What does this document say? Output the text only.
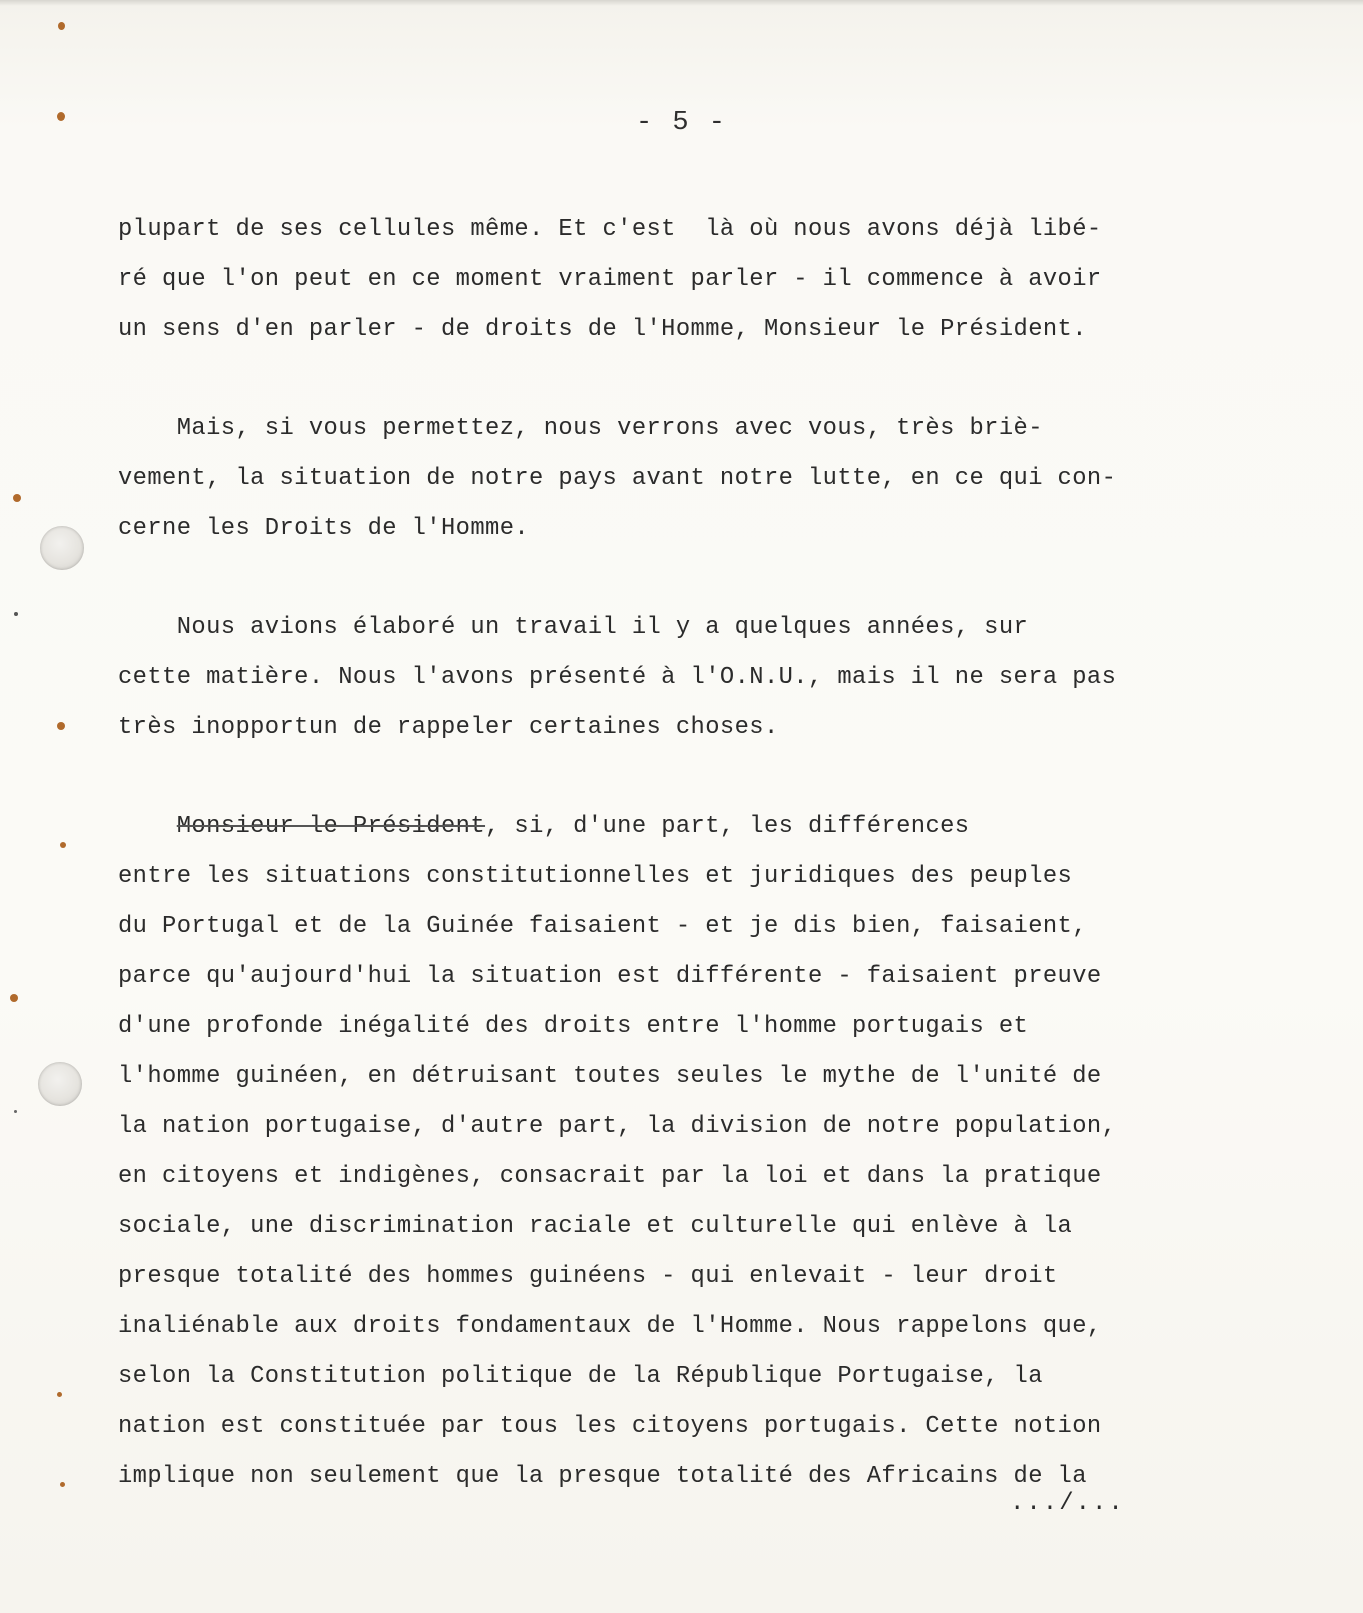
- 5 -
plupart de ses cellules même. Et c'est  là où nous avons déjà libé-
ré que l'on peut en ce moment vraiment parler - il commence à avoir
un sens d'en parler - de droits de l'Homme, Monsieur le Président.
Mais, si vous permettez, nous verrons avec vous, très briè-
vement, la situation de notre pays avant notre lutte, en ce qui con-
cerne les Droits de l'Homme.
Nous avions élaboré un travail il y a quelques années, sur
cette matière. Nous l'avons présenté à l'O.N.U., mais il ne sera pas
très inopportun de rappeler certaines choses.
Monsieur le Président, si, d'une part, les différences
entre les situations constitutionnelles et juridiques des peuples
du Portugal et de la Guinée faisaient - et je dis bien, faisaient,
parce qu'aujourd'hui la situation est différente - faisaient preuve
d'une profonde inégalité des droits entre l'homme portugais et
l'homme guinéen, en détruisant toutes seules le mythe de l'unité de
la nation portugaise, d'autre part, la division de notre population,
en citoyens et indigènes, consacrait par la loi et dans la pratique
sociale, une discrimination raciale et culturelle qui enlève à la
presque totalité des hommes guinéens - qui enlevait - leur droit
inaliénable aux droits fondamentaux de l'Homme. Nous rappelons que,
selon la Constitution politique de la République Portugaise, la
nation est constituée par tous les citoyens portugais. Cette notion
implique non seulement que la presque totalité des Africains de la
.../...
